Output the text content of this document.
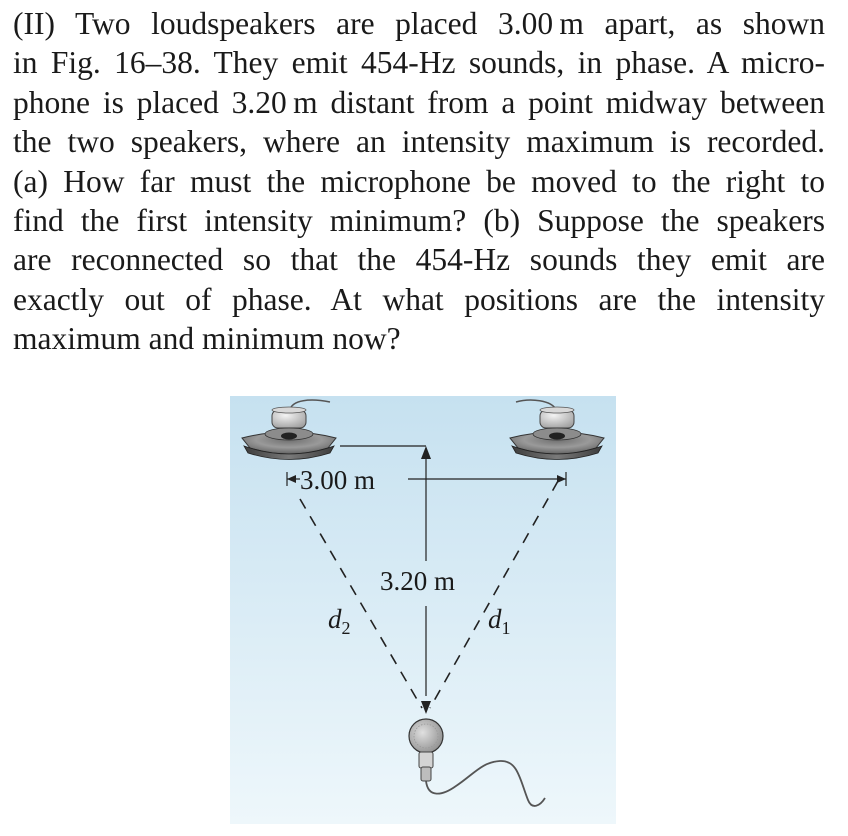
(II) Two loudspeakers are placed 3.00 m apart, as shown
in Fig. 16–38. They emit 454-Hz sounds, in phase. A micro-
phone is placed 3.20 m distant from a point midway between
the two speakers, where an intensity maximum is recorded.
(a) How far must the microphone be moved to the right to
find the first intensity minimum? (b) Suppose the speakers
are reconnected so that the 454-Hz sounds they emit are
exactly out of phase. At what positions are the intensity
maximum and minimum now?
3.00 m
3.20 m
$d_2$	$d_1$
